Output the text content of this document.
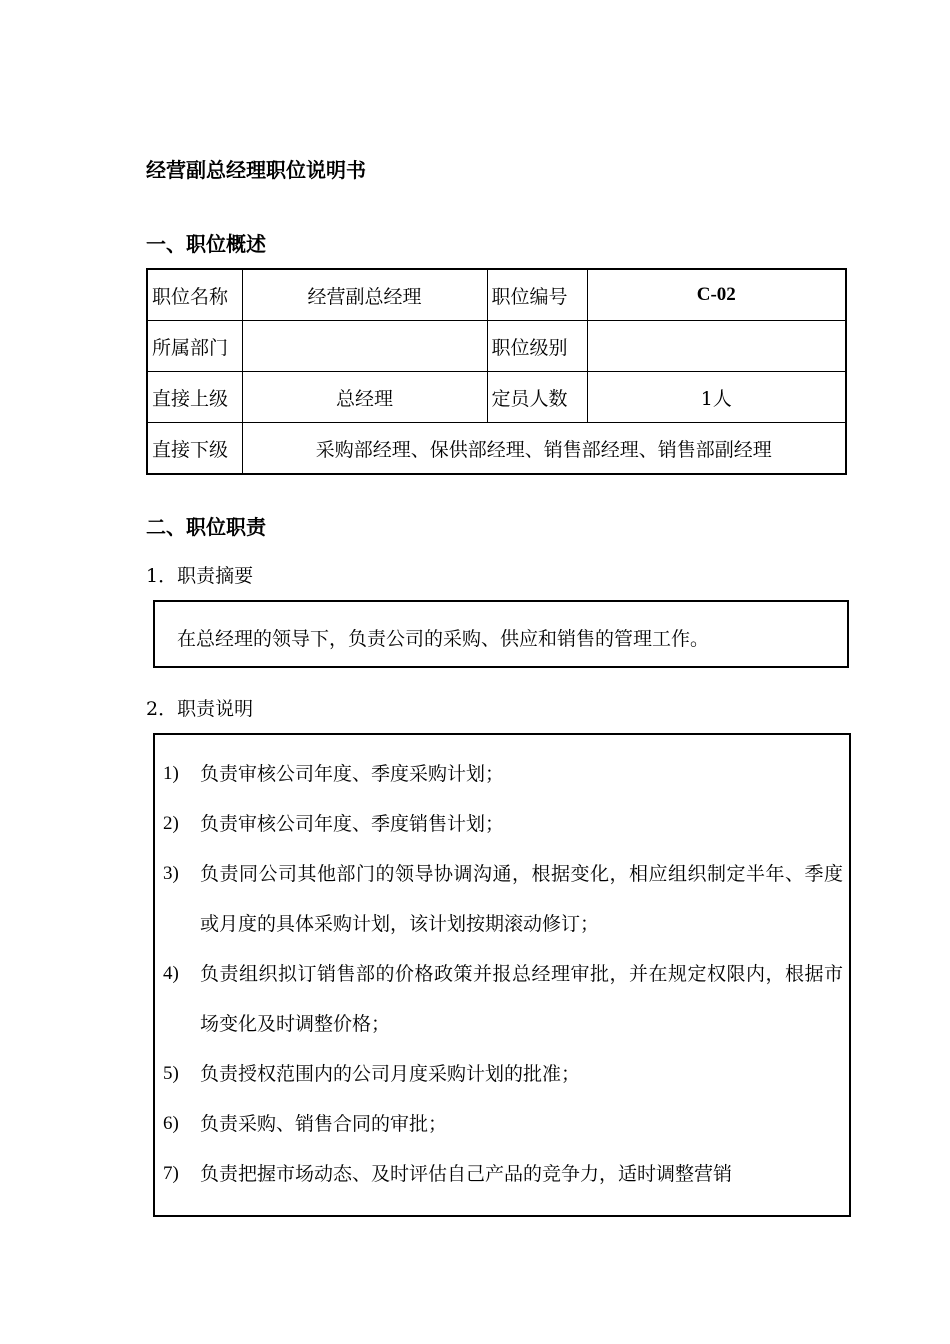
经营副总经理职位说明书
一、职位概述
职位名称	经营副总经理	职位编号	C-02
所属部门		职位级别	
直接上级	总经理	定员人数	1人
直接下级	采购部经理、保供部经理、销售部经理、销售部副经理		
二、职位职责
1．职责摘要
在总经理的领导下，负责公司的采购、供应和销售的管理工作。
2．职责说明
1) 负责审核公司年度、季度采购计划；
2) 负责审核公司年度、季度销售计划；
3) 负责同公司其他部门的领导协调沟通，根据变化，相应组织制定半年、季度或月度的具体采购计划，该计划按期滚动修订；
4) 负责组织拟订销售部的价格政策并报总经理审批，并在规定权限内，根据市场变化及时调整价格；
5) 负责授权范围内的公司月度采购计划的批准；
6) 负责采购、销售合同的审批；
7) 负责把握市场动态、及时评估自己产品的竞争力，适时调整营销
